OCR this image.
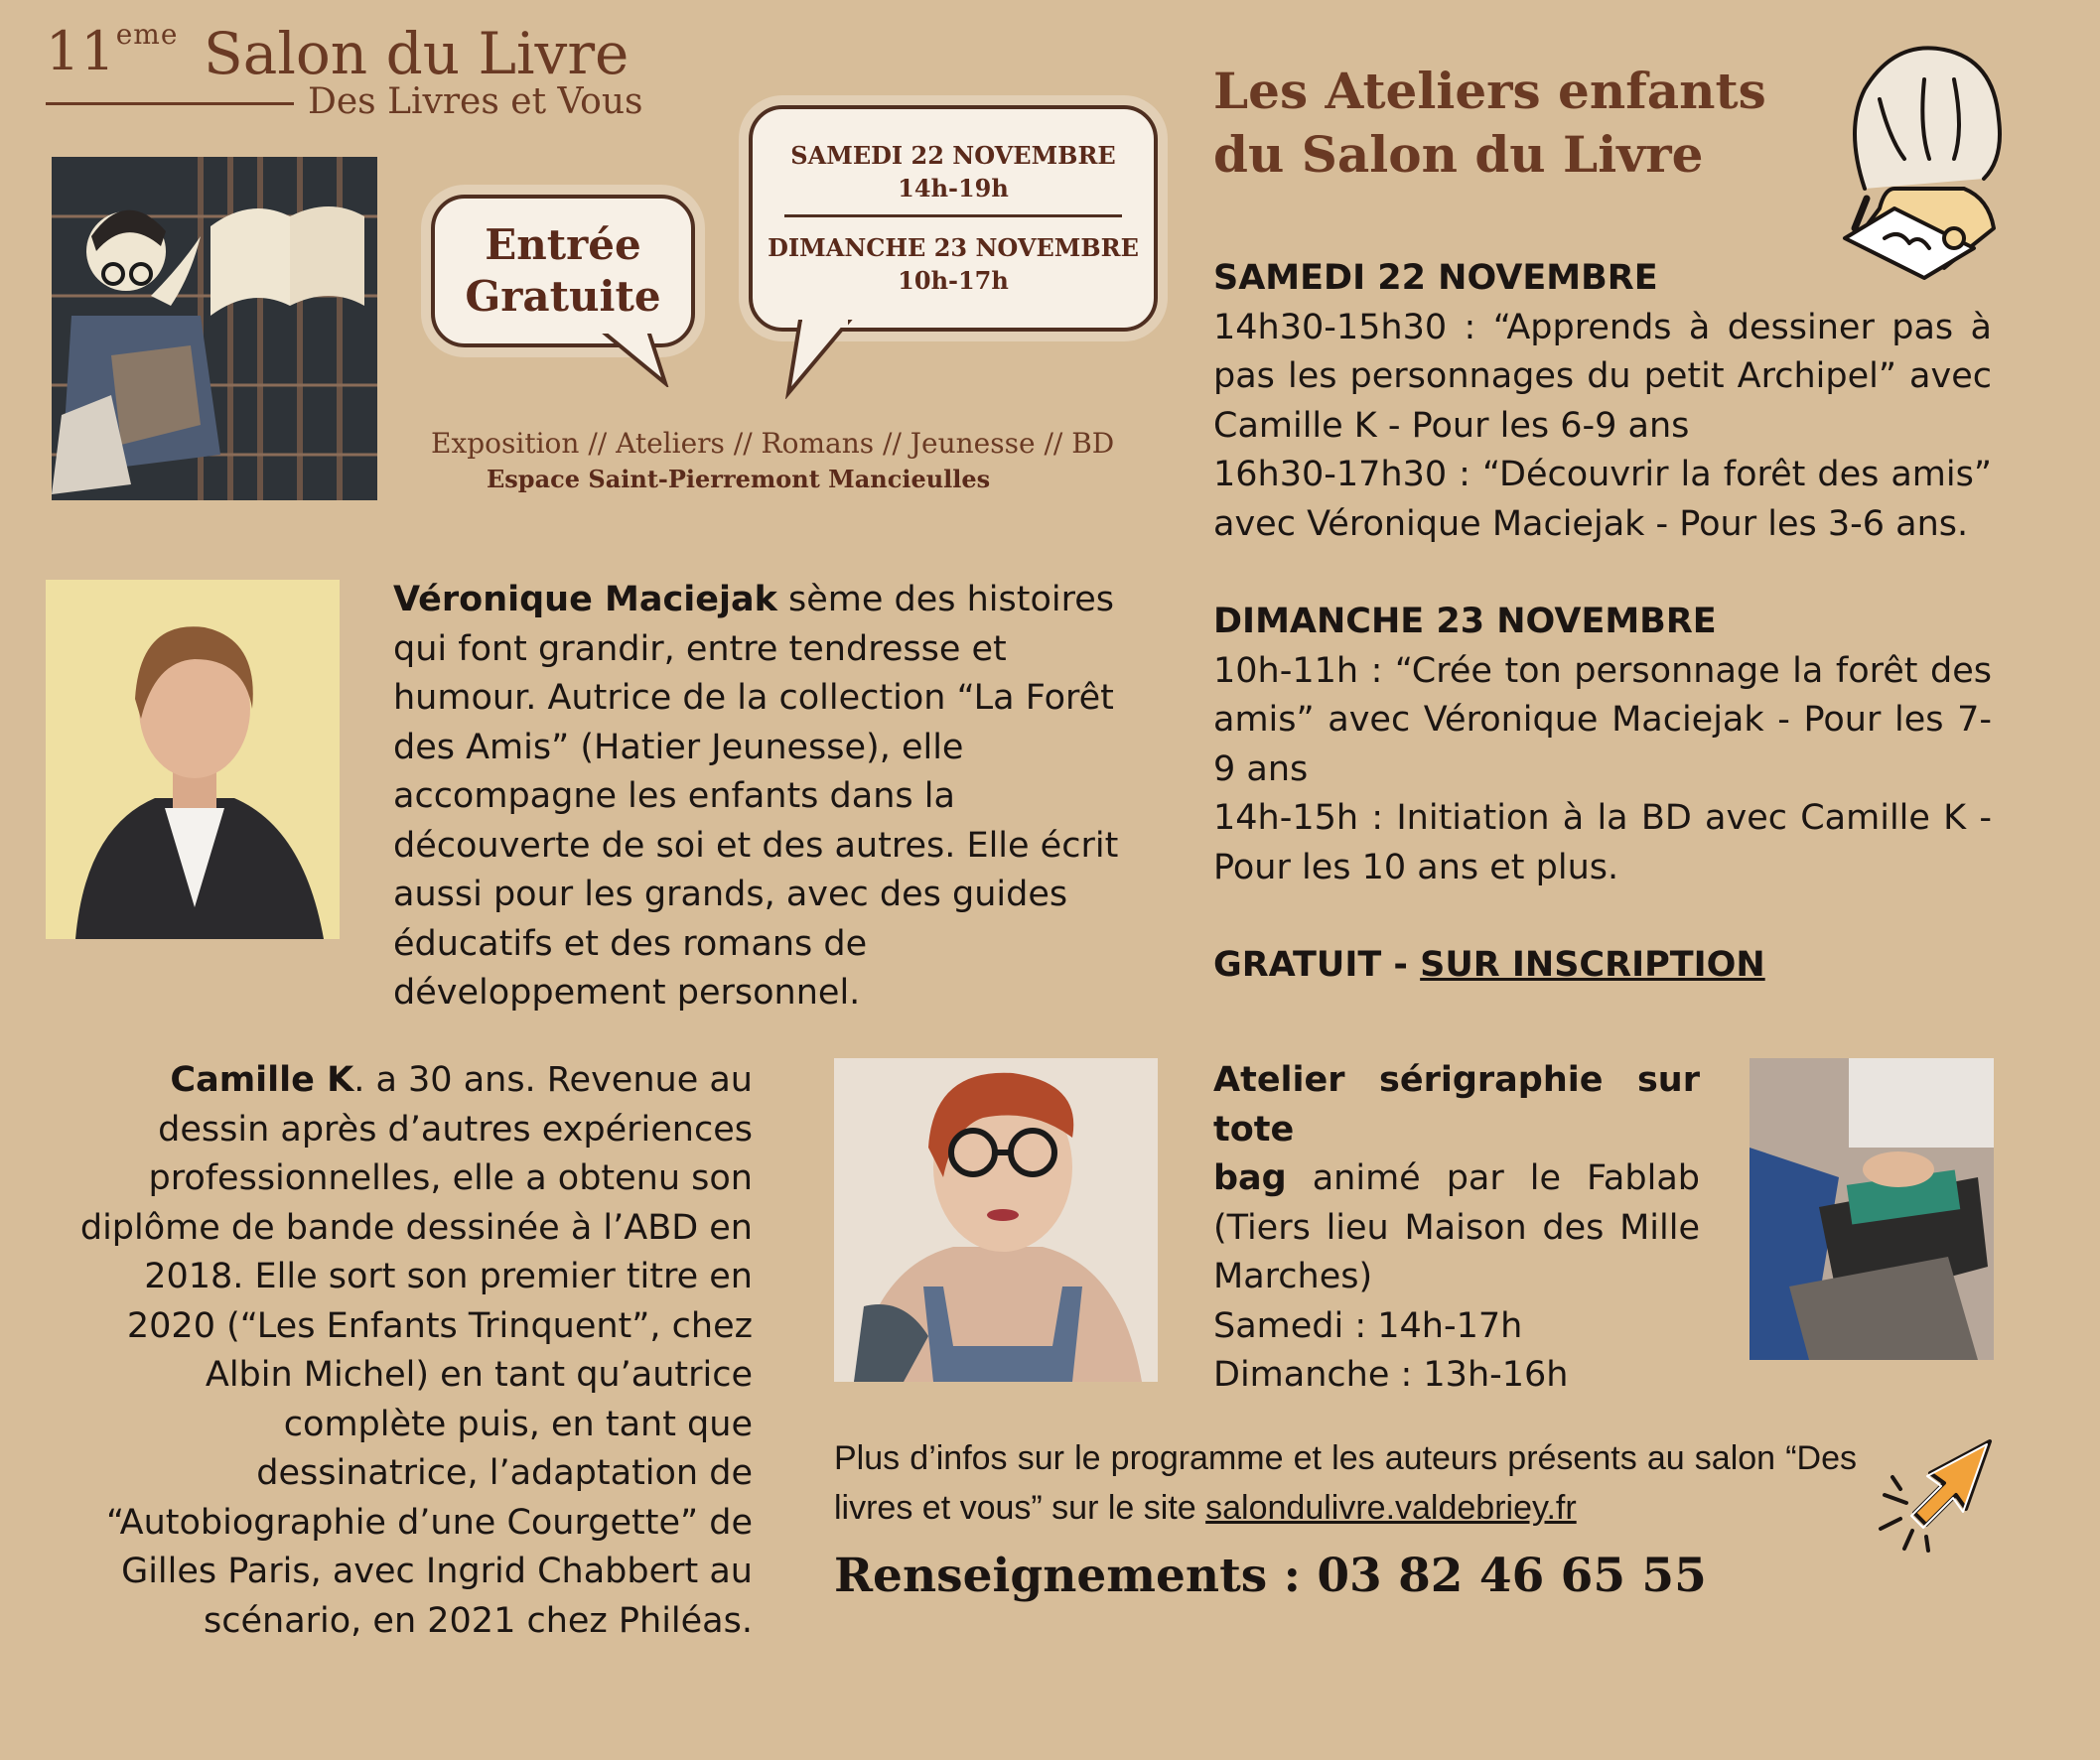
11eme Salon du Livre
Des Livres et Vous
Entrée
Gratuite
SAMEDI 22 NOVEMBRE
14h-19h
DIMANCHE 23 NOVEMBRE
10h-17h
Exposition // Ateliers // Romans // Jeunesse // BD
Espace Saint-Pierremont Mancieulles
Les Ateliers enfants
du Salon du Livre
SAMEDI 22 NOVEMBRE

14h30-15h30 : “Apprends à dessiner pas à pas les personnages du petit Archipel” avec Camille K - Pour les 6-9 ans

16h30-17h30 : “Découvrir la forêt des amis” avec Véronique Maciejak - Pour les 3-6 ans.

DIMANCHE 23 NOVEMBRE

10h-11h : “Crée ton personnage la forêt des amis” avec Véronique Maciejak - Pour les 7-9 ans

14h-15h : Initiation à la BD avec Camille K - Pour les 10 ans et plus.

GRATUIT - SUR INSCRIPTION
Véronique Maciejak sème des histoires qui font grandir, entre tendresse et humour. Autrice de la collection “La Forêt des Amis” (Hatier Jeunesse), elle accompagne les enfants dans la découverte de soi et des autres. Elle écrit aussi pour les grands, avec des guides éducatifs et des romans de développement personnel.
Camille K. a 30 ans. Revenue au dessin après d’autres expériences professionnelles, elle a obtenu son diplôme de bande dessinée à l’ABD en 2018. Elle sort son premier titre en 2020 (“Les Enfants Trinquent”, chez Albin Michel) en tant qu’autrice complète puis, en tant que dessinatrice, l’adaptation de “Autobiographie d’une Courgette” de Gilles Paris, avec Ingrid Chabbert au scénario, en 2021 chez Philéas.
Atelier sérigraphie sur tote
bag animé par le Fablab (Tiers lieu Maison des Mille Marches)
Samedi : 14h-17h
Dimanche : 13h-16h
Plus d’infos sur le programme et les auteurs présents au salon “Des livres et vous” sur le site salondulivre.valdebriey.fr
Renseignements : 03 82 46 65 55
